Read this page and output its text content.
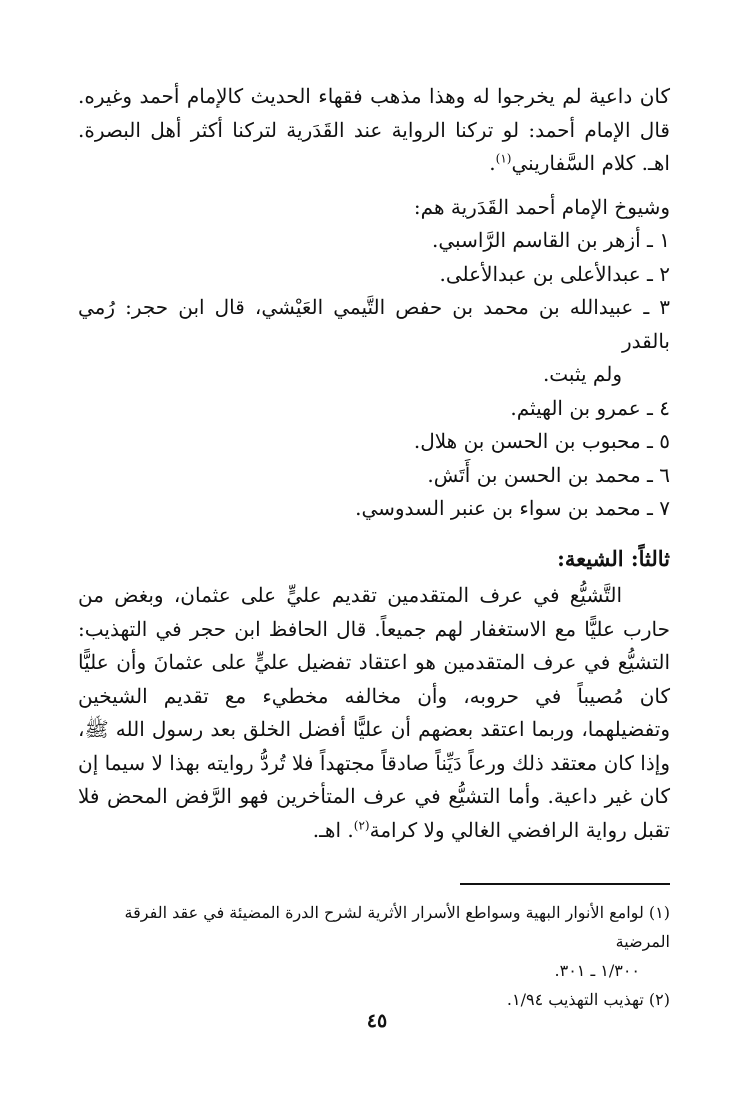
كان داعية لم يخرجوا له وهذا مذهب فقهاء الحديث كالإمام أحمد وغيره. قال الإمام أحمد: لو تركنا الرواية عند القَدَرية لتركنا أكثر أهل البصرة. اهـ. كلام السَّفاريني$^{(١)}$.

وشيوخ الإمام أحمد القَدَرية هم:

١ ـ أزهر بن القاسم الرَّاسبي.
٢ ـ عبدالأعلى بن عبدالأعلى.
٣ ـ عبيدالله بن محمد بن حفص التَّيمي العَيْشي، قال ابن حجر: رُمي بالقدر
ولم يثبت.
٤ ـ عمرو بن الهيثم.
٥ ـ محبوب بن الحسن بن هلال.
٦ ـ محمد بن الحسن بن أَتَش.
٧ ـ محمد بن سواء بن عنبر السدوسي.

ثالثاً: الشيعة:

التَّشيُّع في عرف المتقدمين تقديم عليٍّ على عثمان، وبغض من حارب عليًّا مع الاستغفار لهم جميعاً. قال الحافظ ابن حجر في التهذيب: التشيُّع في عرف المتقدمين هو اعتقاد تفضيل عليٍّ على عثمانَ وأن عليًّا كان مُصيباً في حروبه، وأن مخالفه مخطيء مع تقديم الشيخين وتفضيلهما، وربما اعتقد بعضهم أن عليًّا أفضل الخلق بعد رسول الله ﷺ، وإذا كان معتقد ذلك ورعاً دَيِّناً صادقاً مجتهداً فلا تُردُّ روايته بهذا لا سيما إن كان غير داعية. وأما التشيُّع في عرف المتأخرين فهو الرَّفض المحض فلا تقبل رواية الرافضي الغالي ولا كرامة$^{(٢)}$. اهـ.

(١) لوامع الأنوار البهية وسواطع الأسرار الأثرية لشرح الدرة المضيئة في عقد الفرقة المرضية

١/٣٠٠ ـ ٣٠١.

(٢) تهذيب التهذيب ١/٩٤.

٤٥
